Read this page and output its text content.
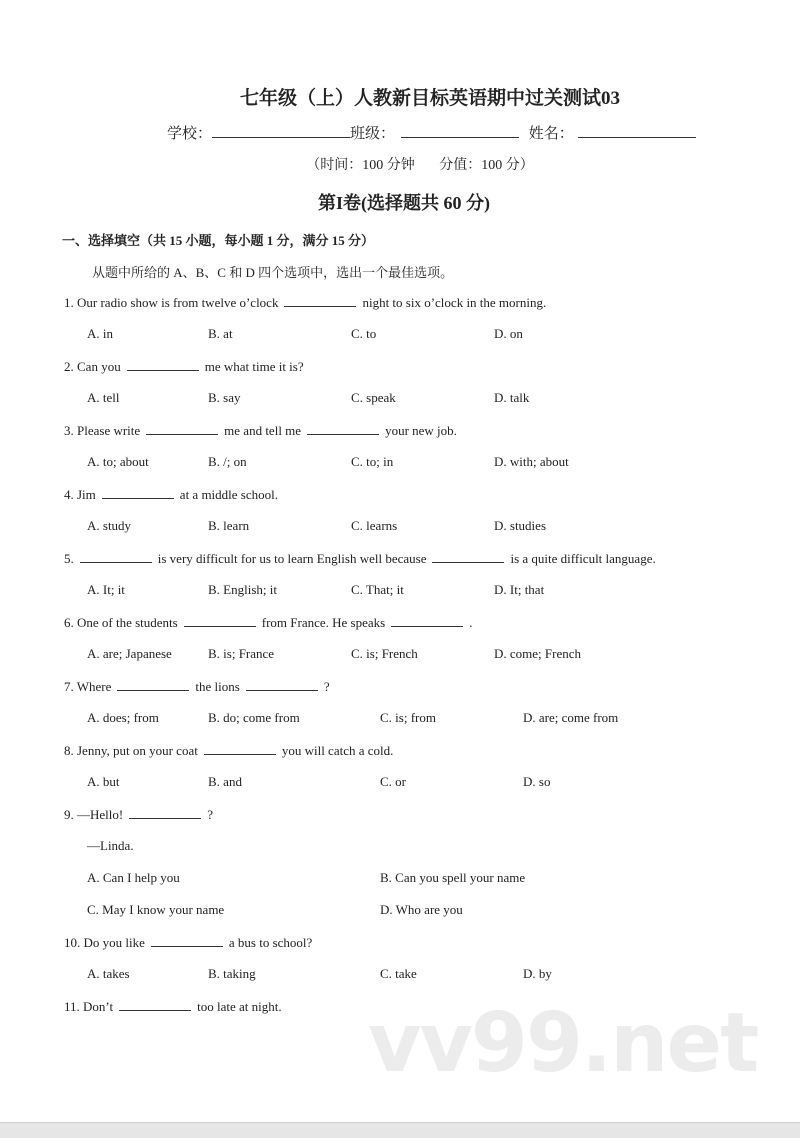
七年级（上）人教新目标英语期中过关测试03
学校：	班级：	姓名：
（时间：100 分钟 分值：100 分）
第I卷(选择题共 60 分)
一、选择填空（共 15 小题，每小题 1 分，满分 15 分）
从题中所给的 A、B、C 和 D 四个选项中，选出一个最佳选项。
1. Our radio show is from twelve o’clock	night to six o’clock in the morning.
A. in	B. at	C. to	D. on
2. Can you	me what time it is?
A. tell	B. say	C. speak	D. talk
3. Please write	me and tell me	your new job.
A. to; about	B. /; on	C. to; in	D. with; about
4. Jim	at a middle school.
A. study	B. learn	C. learns	D. studies
5.	is very difficult for us to learn English well because	is a quite difficult language.
A. It; it	B. English; it	C. That; it	D. It; that
6. One of the students	from France. He speaks	.
A. are; Japanese	B. is; France	C. is; French	D. come; French
7. Where	the lions	?
A. does; from	B. do; come from	C. is; from	D. are; come from
8. Jenny, put on your coat	you will catch a cold.
A. but	B. and	C. or	D. so
9. —Hello!	?
—Linda.
A. Can I help you	B. Can you spell your name
C. May I know your name	D. Who are you
10. Do you like	a bus to school?
A. takes	B. taking	C. take	D. by
11. Don’t	too late at night. vv99.net
